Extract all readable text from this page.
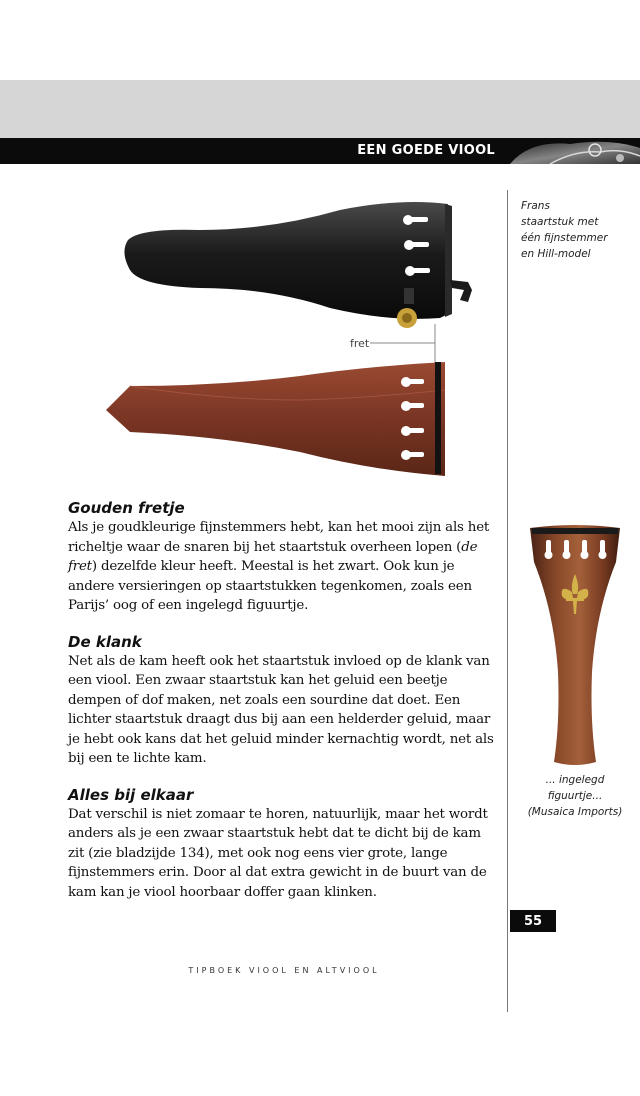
EEN GOEDE VIOOL
Frans
staartstuk met
één fijnstemmer
en Hill-model
fret
... ingelegd
figuurtje...
(Musaica Imports)
Gouden fretje

Als je goudkleurige fijnstemmers hebt, kan het mooi zijn als het richeltje waar de snaren bij het staartstuk overheen lopen (de fret) dezelfde kleur heeft. Meestal is het zwart. Ook kun je andere versieringen op staartstukken tegenkomen, zoals een Parijs’ oog of een ingelegd figuurtje.

De klank

Net als de kam heeft ook het staartstuk invloed op de klank van een viool. Een zwaar staartstuk kan het geluid een beetje dempen of dof maken, net zoals een sourdine dat doet. Een lichter staartstuk draagt dus bij aan een helderder geluid, maar je hebt ook kans dat het geluid minder kernachtig wordt, net als bij een te lichte kam.

Alles bij elkaar

Dat verschil is niet zomaar te horen, natuurlijk, maar het wordt anders als je een zwaar staartstuk hebt dat te dicht bij de kam zit (zie bladzijde 134), met ook nog eens vier grote, lange fijnstemmers erin. Door al dat extra gewicht in de buurt van de kam kan je viool hoorbaar doffer gaan klinken.

55
TIPBOEK VIOOL EN ALTVIOOL
